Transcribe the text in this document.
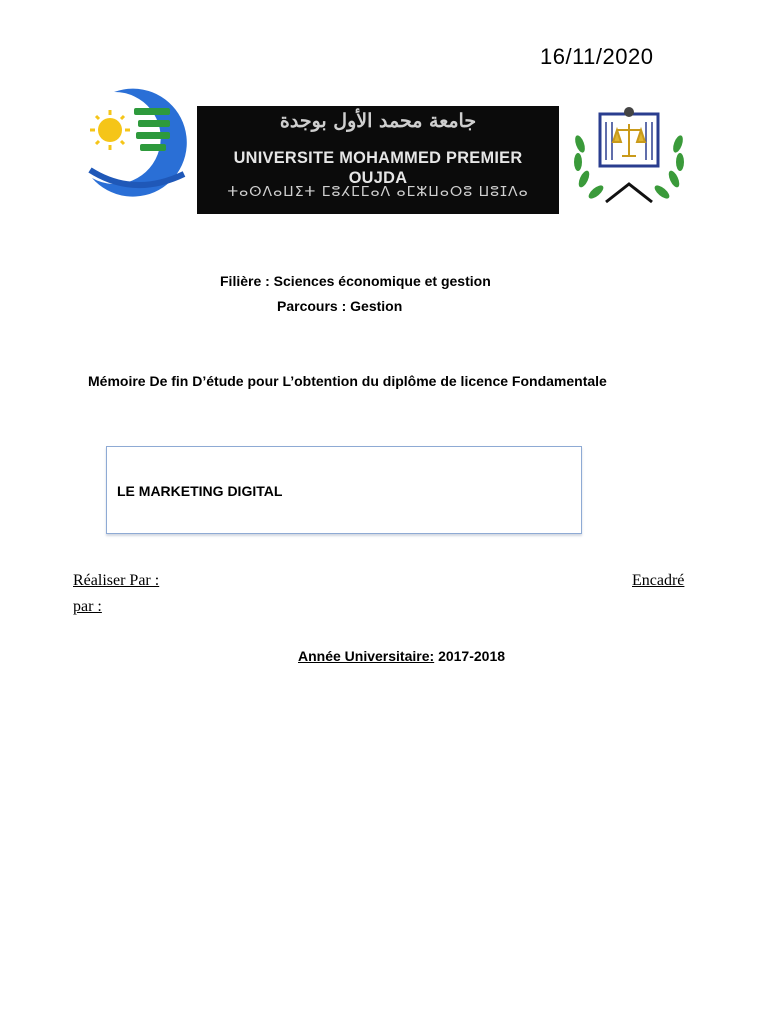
16/11/2020
جامعة محمد الأول بوجدة
UNIVERSITE MOHAMMED PREMIER OUJDA
ⵜⴰⵙⴷⴰⵡⵉⵜ ⵎⵓⵃⵎⵎⴰⴷ ⴰⵎⵣⵡⴰⵔⵓ ⵡⵓⵊⴷⴰ
Filière : Sciences économique et gestion
Parcours : Gestion
Mémoire De fin D’étude pour L’obtention du diplôme de licence Fondamentale
LE MARKETING DIGITAL
Réaliser Par :	Encadré
par :
Année Universitaire: 2017-2018
